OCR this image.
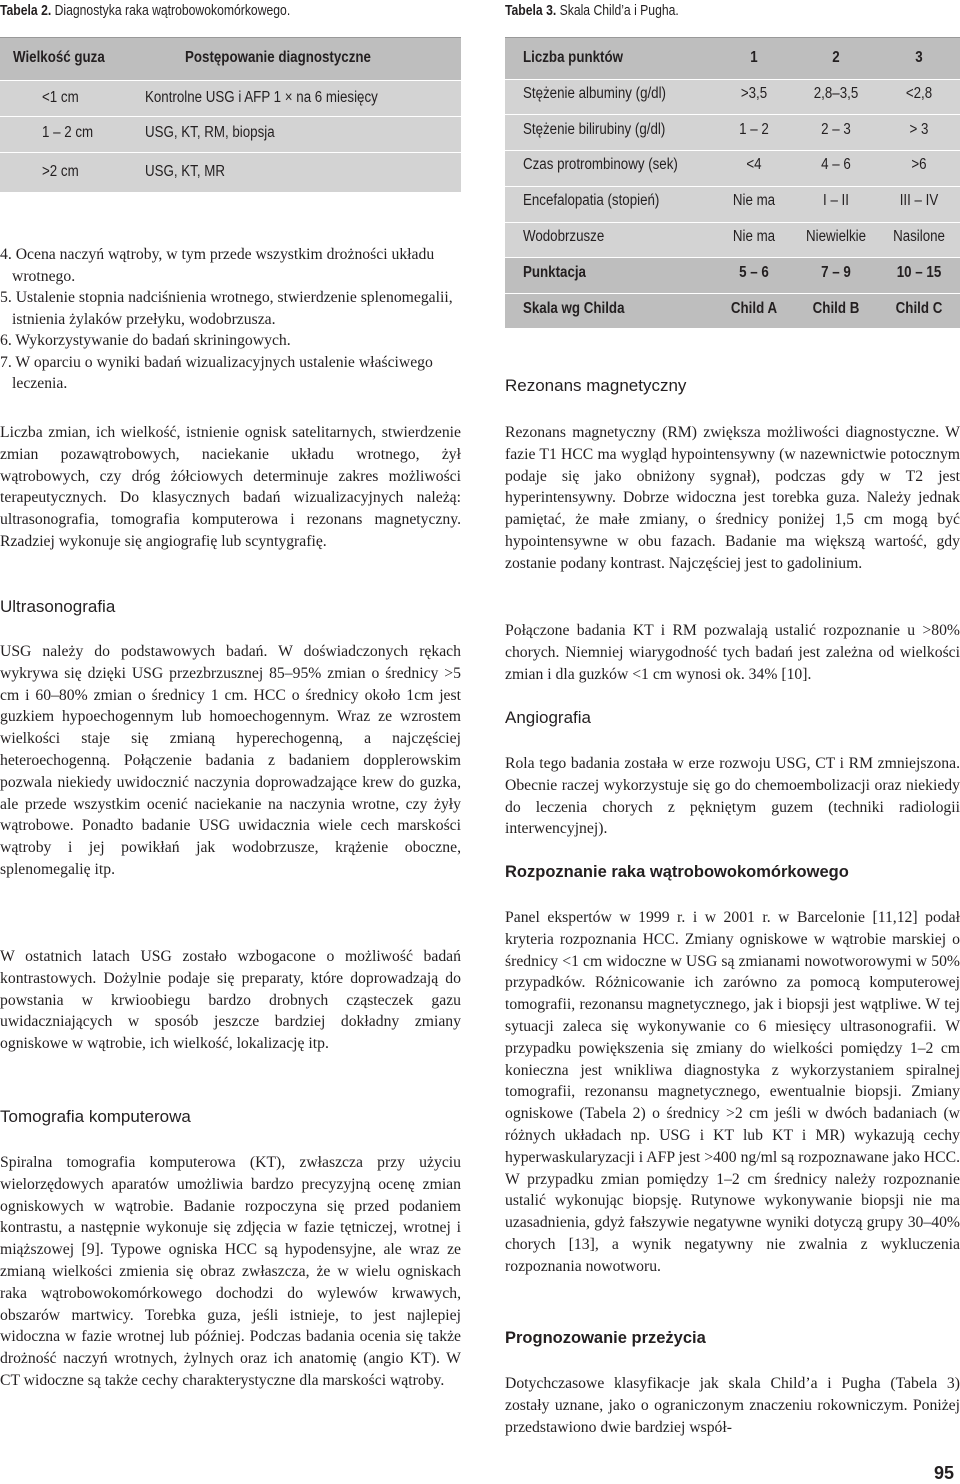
Tabela 2. Diagnostyka raka wątrobowokomórkowego.
Wielkość guza	Postępowanie diagnostyczne
<1 cm	Kontrolne USG i AFP 1 × na 6 miesięcy
1 – 2 cm	USG, KT, RM, biopsja
>2 cm	USG, KT, MR
4. Ocena naczyń wątroby, w tym przede wszystkim drożności układu wrotnego.
5. Ustalenie stopnia nadciśnienia wrotnego, stwierdzenie splenomegalii, istnienia żylaków przełyku, wodobrzusza.
6. Wykorzystywanie do badań skriningowych.
7. W oparciu o wyniki badań wizualizacyjnych ustalenie właściwego leczenia.
Liczba zmian, ich wielkość, istnienie ognisk satelitarnych, stwierdzenie zmian pozawątrobowych, naciekanie układu wrotnego, żył wątrobowych, czy dróg żółciowych determinuje zakres możliwości terapeutycznych. Do klasycznych badań wizualizacyjnych należą: ultrasonografia, tomografia komputerowa i rezonans magnetyczny. Rzadziej wykonuje się angiografię lub scyntygrafię.
Ultrasonografia
USG należy do podstawowych badań. W doświadczonych rękach wykrywa się dzięki USG przezbrzusznej 85–95% zmian o średnicy >5 cm i 60–80% zmian o średnicy 1 cm. HCC o średnicy około 1cm jest guzkiem hypoechogennym lub homoechogennym. Wraz ze wzrostem wielkości staje się zmianą hyperechogenną, a najczęściej heteroechogenną. Połączenie badania z badaniem dopplerowskim pozwala niekiedy uwidocznić naczynia doprowadzające krew do guzka, ale przede wszystkim ocenić naciekanie na naczynia wrotne, czy żyły wątrobowe. Ponadto badanie USG uwidacznia wiele cech marskości wątroby i jej powikłań jak wodobrzusze, krążenie oboczne, splenomegalię itp.
W ostatnich latach USG zostało wzbogacone o możliwość badań kontrastowych. Dożylnie podaje się preparaty, które doprowadzają do powstania w krwioobiegu bardzo drobnych cząsteczek gazu uwidaczniających w sposób jeszcze bardziej dokładny zmiany ogniskowe w wątrobie, ich wielkość, lokalizację itp.
Tomografia komputerowa
Spiralna tomografia komputerowa (KT), zwłaszcza przy użyciu wielorzędowych aparatów umożliwia bardzo precyzyjną ocenę zmian ogniskowych w wątrobie. Badanie rozpoczyna się przed podaniem kontrastu, a następnie wykonuje się zdjęcia w fazie tętniczej, wrotnej i miąższowej [9]. Typowe ogniska HCC są hypodensyjne, ale wraz ze zmianą wielkości zmienia się obraz zwłaszcza, że w wielu ogniskach raka wątrobowokomórkowego dochodzi do wylewów krwawych, obszarów martwicy. Torebka guza, jeśli istnieje, to jest najlepiej widoczna w fazie wrotnej lub później. Podczas badania ocenia się także drożność naczyń wrotnych, żylnych oraz ich anatomię (angio KT). W CT widoczne są także cechy charakterystyczne dla marskości wątroby.
Tabela 3. Skala Child’a i Pugha.
Liczba punktów	1	2	3
Stężenie albuminy (g/dl)	>3,5	2,8–3,5	<2,8
Stężenie bilirubiny (g/dl)	1 – 2	2 – 3	> 3
Czas protrombinowy (sek)	<4	4 – 6	>6
Encefalopatia (stopień)	Nie ma	I – II	III – IV
Wodobrzusze	Nie ma	Niewielkie	Nasilone
Punktacja	5 – 6	7 – 9	10 – 15
Skala wg Childa	Child A	Child B	Child C
Rezonans magnetyczny
Rezonans magnetyczny (RM) zwiększa możliwości diagnostyczne. W fazie T1 HCC ma wygląd hypointensywny (w nazewnictwie potocznym podaje się jako obniżony sygnał), podczas gdy w T2 jest hyperintensywny. Dobrze widoczna jest torebka guza. Należy jednak pamiętać, że małe zmiany, o średnicy poniżej 1,5 cm mogą być hypointensywne w obu fazach. Badanie ma większą wartość, gdy zostanie podany kontrast. Najczęściej jest to gadolinium.
Połączone badania KT i RM pozwalają ustalić rozpoznanie u >80% chorych. Niemniej wiarygodność tych badań jest zależna od wielkości zmian i dla guzków <1 cm wynosi ok. 34% [10].
Angiografia
Rola tego badania została w erze rozwoju USG, CT i RM zmniejszona. Obecnie raczej wykorzystuje się go do chemoembolizacji oraz niekiedy do leczenia chorych z pękniętym guzem (techniki radiologii interwencyjnej).
Rozpoznanie raka wątrobowokomórkowego
Panel ekspertów w 1999 r. i w 2001 r. w Barcelonie [11,12] podał kryteria rozpoznania HCC. Zmiany ogniskowe w wątrobie marskiej o średnicy <1 cm widoczne w USG są zmianami nowotworowymi w 50% przypadków. Różnicowanie ich zarówno za pomocą komputerowej tomografii, rezonansu magnetycznego, jak i biopsji jest wątpliwe. W tej sytuacji zaleca się wykonywanie co 6 miesięcy ultrasonografii. W przypadku powiększenia się zmiany do wielkości pomiędzy 1–2 cm konieczna jest wnikliwa diagnostyka z wykorzystaniem spiralnej tomografii, rezonansu magnetycznego, ewentualnie biopsji. Zmiany ogniskowe (Tabela 2) o średnicy >2 cm jeśli w dwóch badaniach (w różnych układach np. USG i KT lub KT i MR) wykazują cechy hyperwaskularyzacji i AFP jest >400 ng/ml są rozpoznawane jako HCC. W przypadku zmian pomiędzy 1–2 cm średnicy należy rozpoznanie ustalić wykonując biopsję. Rutynowe wykonywanie biopsji nie ma uzasadnienia, gdyż fałszywie negatywne wyniki dotyczą grupy 30–40% chorych [13], a wynik negatywny nie zwalnia z wykluczenia rozpoznania nowotworu.
Prognozowanie przeżycia
Dotychczasowe klasyfikacje jak skala Child’a i Pugha (Tabela 3) zostały uznane, jako o ograniczonym znaczeniu rokowniczym. Poniżej przedstawiono dwie bardziej współ-
95
